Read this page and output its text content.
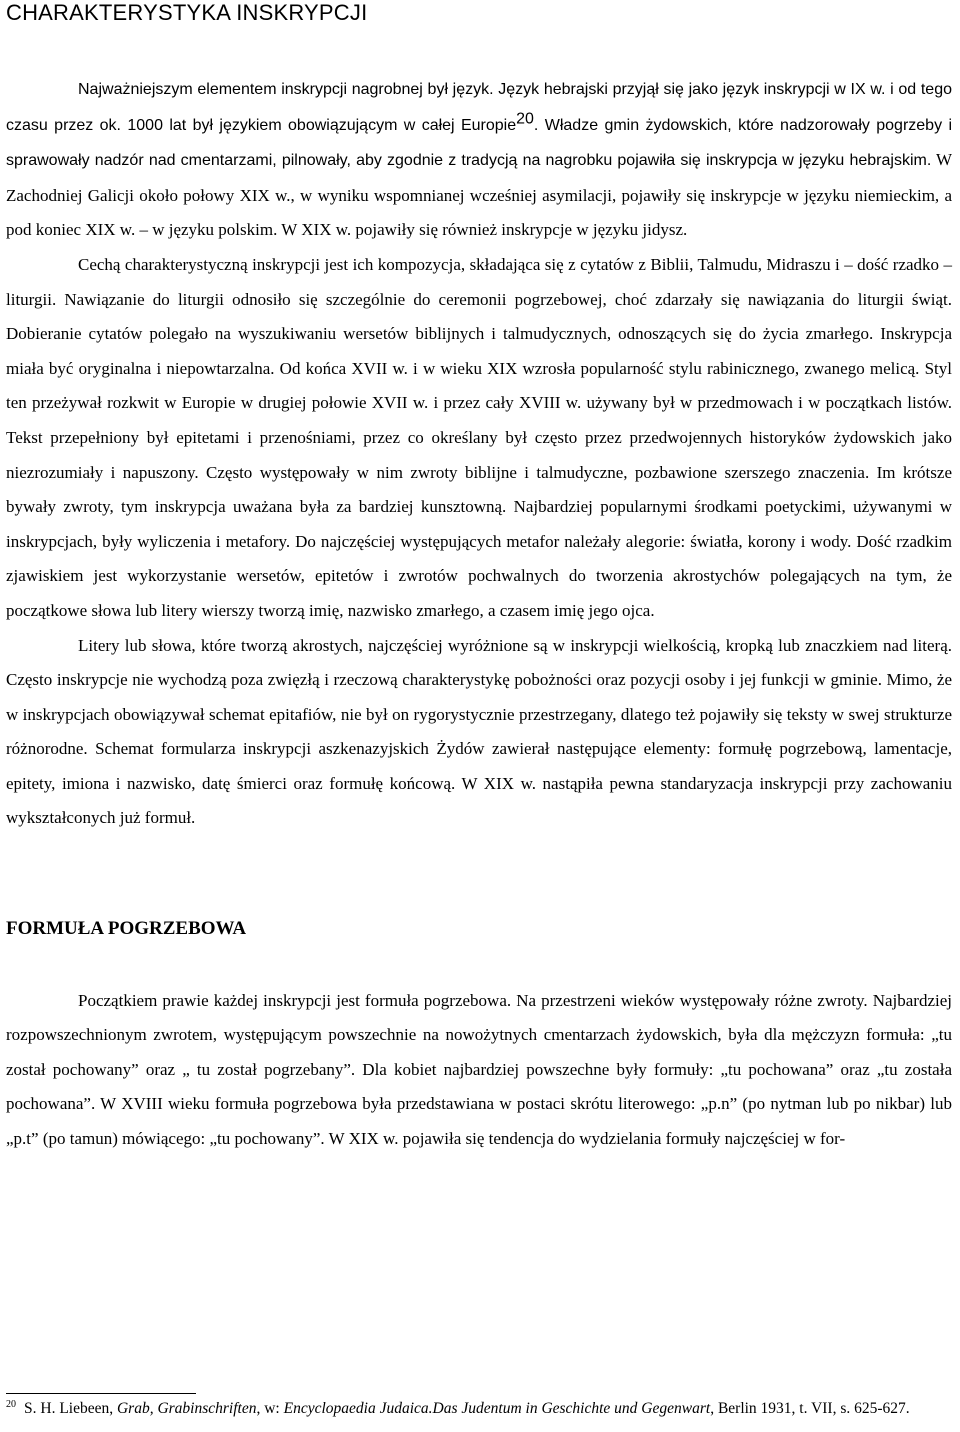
CHARAKTERYSTYKA INSKRYPCJI

Najważniejszym elementem inskrypcji nagrobnej był język. Język hebrajski przyjął się jako język inskrypcji w IX w. i od tego czasu przez ok. 1000 lat był językiem obowiązującym w całej Europie$^{20}$. Władze gmin żydowskich, które nadzorowały pogrzeby i sprawowały nadzór nad cmentarzami, pilnowały, aby zgodnie z tradycją na nagrobku pojawiła się inskrypcja w języku hebrajskim. W Zachodniej Galicji około połowy XIX w., w wyniku wspomnianej wcześniej asymilacji, pojawiły się inskrypcje w języku niemieckim, a pod koniec XIX w. – w języku polskim. W XIX w. pojawiły się również inskrypcje w języku jidysz.

Cechą charakterystyczną inskrypcji jest ich kompozycja, składająca się z cytatów z Biblii, Talmudu, Midraszu i – dość rzadko – liturgii. Nawiązanie do liturgii odnosiło się szczególnie do ceremonii pogrzebowej, choć zdarzały się nawiązania do liturgii świąt. Dobieranie cytatów polegało na wyszukiwaniu wersetów biblijnych i talmudycznych, odnoszących się do życia zmarłego. Inskrypcja miała być oryginalna i niepowtarzalna. Od końca XVII w. i w wieku XIX wzrosła popularność stylu rabinicznego, zwanego melicą. Styl ten przeżywał rozkwit w Europie w drugiej połowie XVII w. i przez cały XVIII w. używany był w przedmowach i w początkach listów. Tekst przepełniony był epitetami i przenośniami, przez co określany był często przez przedwojennych historyków żydowskich jako niezrozumiały i napuszony. Często występowały w nim zwroty biblijne i talmudyczne, pozbawione szerszego znaczenia. Im krótsze bywały zwroty, tym inskrypcja uważana była za bardziej kunsztowną. Najbardziej popularnymi środkami poetyckimi, używanymi w inskrypcjach, były wyliczenia i metafory. Do najczęściej występujących metafor należały alegorie: światła, korony i wody. Dość rzadkim zjawiskiem jest wykorzystanie wersetów, epitetów i zwrotów pochwalnych do tworzenia akrostychów polegających na tym, że początkowe słowa lub litery wierszy tworzą imię, nazwisko zmarłego, a czasem imię jego ojca.

Litery lub słowa, które tworzą akrostych, najczęściej wyróżnione są w inskrypcji wielkością, kropką lub znaczkiem nad literą. Często inskrypcje nie wychodzą poza zwięzłą i rzeczową charakterystykę pobożności oraz pozycji osoby i jej funkcji w gminie. Mimo, że w inskrypcjach obowiązywał schemat epitafiów, nie był on rygorystycznie przestrzegany, dlatego też pojawiły się teksty w swej strukturze różnorodne. Schemat formularza inskrypcji aszkenazyjskich Żydów zawierał następujące elementy: formułę pogrzebową, lamentacje, epitety, imiona i nazwisko, datę śmierci oraz formułę końcową. W XIX w. nastąpiła pewna standaryzacja inskrypcji przy zachowaniu wykształconych już formuł.

FORMUŁA POGRZEBOWA

Początkiem prawie każdej inskrypcji jest formuła pogrzebowa. Na przestrzeni wieków występowały różne zwroty. Najbardziej rozpowszechnionym zwrotem, występującym powszechnie na nowożytnych cmentarzach żydowskich, była dla mężczyzn formuła: „tu został pochowany” oraz „ tu został pogrzebany”. Dla kobiet najbardziej powszechne były formuły: „tu pochowana” oraz „tu została pochowana”. W XVIII wieku formuła pogrzebowa była przedstawiana w postaci skrótu literowego: „p.n” (po nytman lub po nikbar) lub „p.t” (po tamun) mówiącego: „tu pochowany”. W XIX w. pojawiła się tendencja do wydzielania formuły najczęściej w for-

$^{20}$ S. H. Liebeen, Grab, Grabinschriften, w: Encyclopaedia Judaica.Das Judentum in Geschichte und Gegenwart, Berlin 1931, t. VII, s. 625-627.
